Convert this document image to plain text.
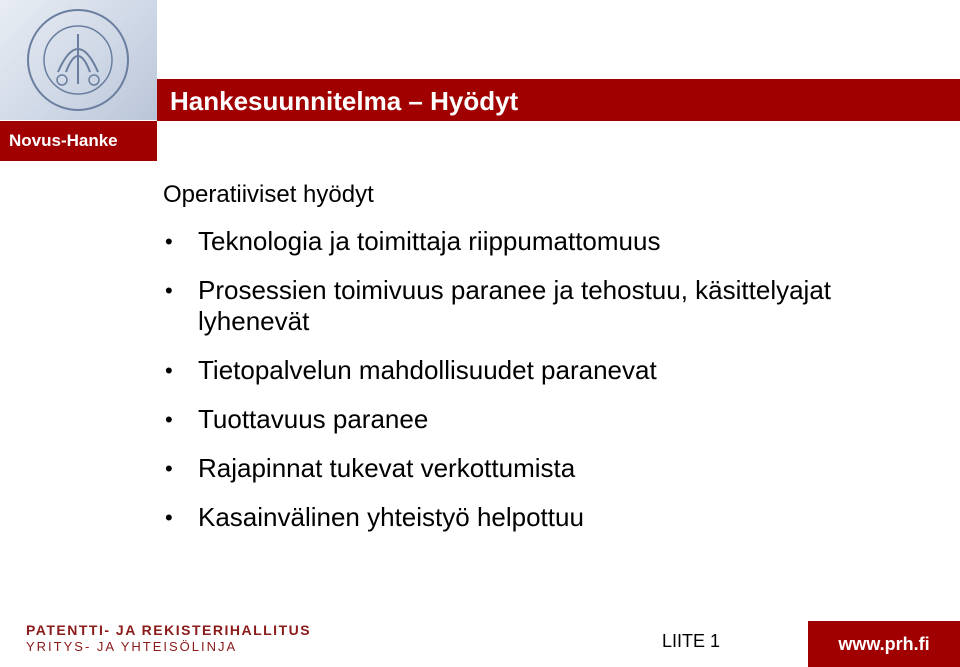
Hankesuunnitelma – Hyödyt
Novus-Hanke
Operatiiviset hyödyt
• Teknologia ja toimittaja riippumattomuus
• Prosessien toimivuus paranee ja tehostuu, käsittelyajat lyhenevät
• Tietopalvelun mahdollisuudet paranevat
• Tuottavuus paranee
• Rajapinnat tukevat verkottumista
• Kasainvälinen yhteistyö helpottuu
PATENTTI- JA REKISTERIHALLITUS
YRITYS- JA YHTEISÖLINJA	LIITE 1	www.prh.fi
